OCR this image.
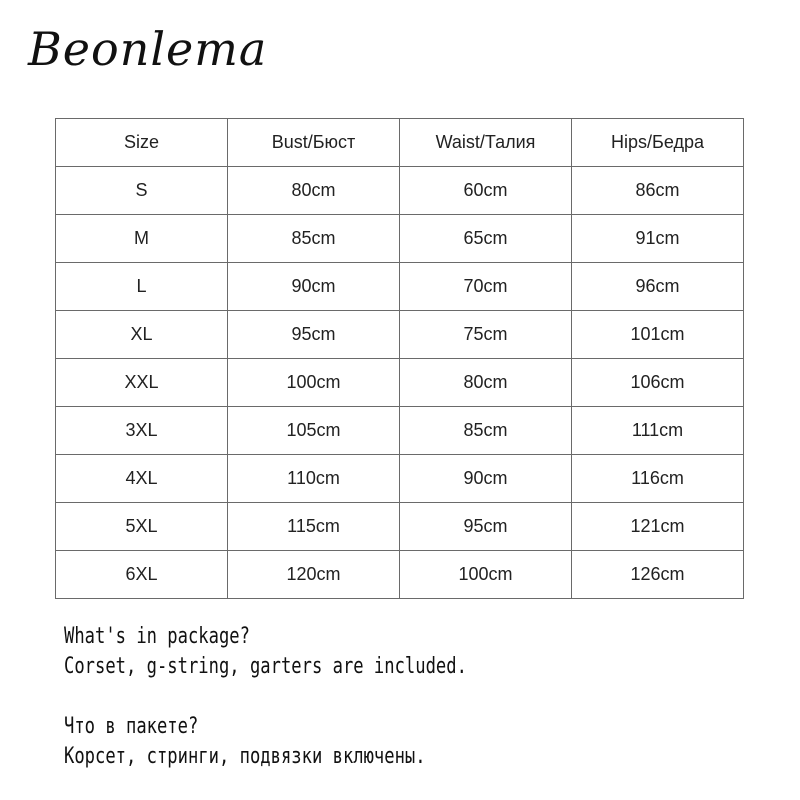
Beonlema
Size	Bust/Бюст	Waist/Талия	Hips/Бедра
S	80cm	60cm	86cm
M	85cm	65cm	91cm
L	90cm	70cm	96cm
XL	95cm	75cm	101cm
XXL	100cm	80cm	106cm
3XL	105cm	85cm	111cm
4XL	110cm	90cm	116cm
5XL	115cm	95cm	121cm
6XL	120cm	100cm	126cm
What's in package?
Corset, g-string, garters are included.
Что в пакете?
Корсет, стринги, подвязки включены.
